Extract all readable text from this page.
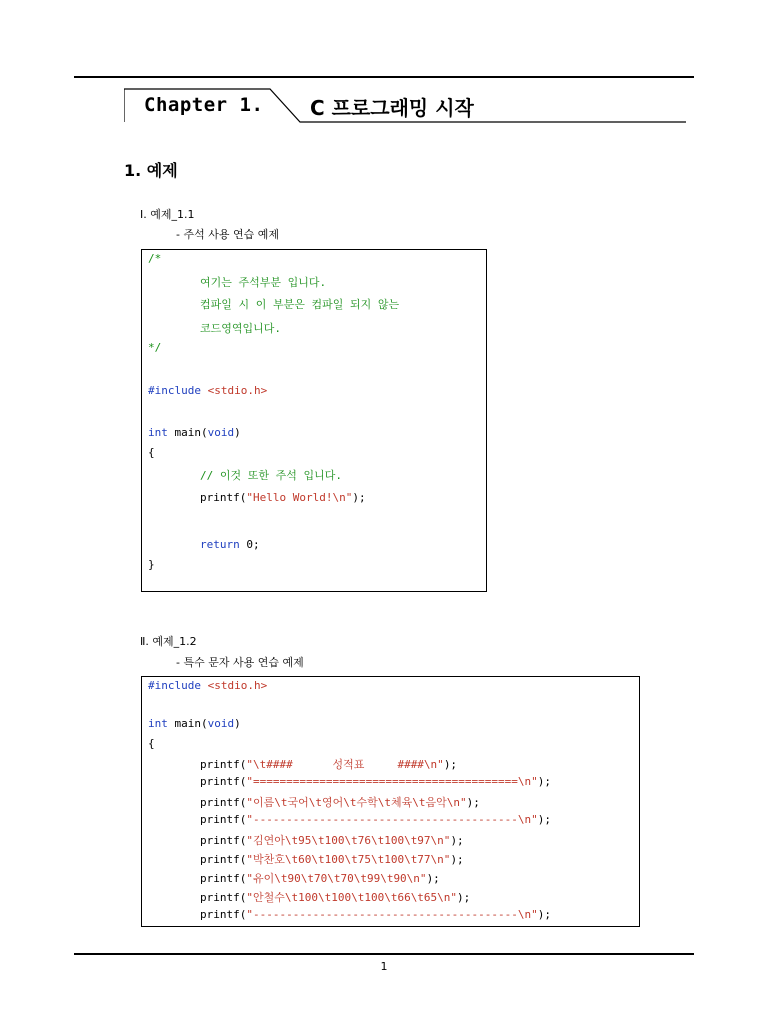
Chapter 1. C 프로그래밍 시작
1. 예제
Ⅰ. 예제_1.1
- 주석 사용 연습 예제
/*
여기는 주석부분 입니다.
컴파일 시 이 부분은 컴파일 되지 않는
코드영역입니다.
*/
#include <stdio.h>
int main(void)
{
// 이것 또한 주석 입니다.
printf("Hello World!\n");
return 0;
}
Ⅱ. 예제_1.2
- 특수 문자 사용 연습 예제
#include <stdio.h>
int main(void)
{
printf("\t####      성적표     ####\n");
printf("========================================\n");
printf("이름\t국어\t영어\t수학\t체육\t음악\n");
printf("----------------------------------------\n");
printf("김연아\t95\t100\t76\t100\t97\n");
printf("박찬호\t60\t100\t75\t100\t77\n");
printf("유이\t90\t70\t70\t99\t90\n");
printf("안철수\t100\t100\t100\t66\t65\n");
printf("----------------------------------------\n");
1
